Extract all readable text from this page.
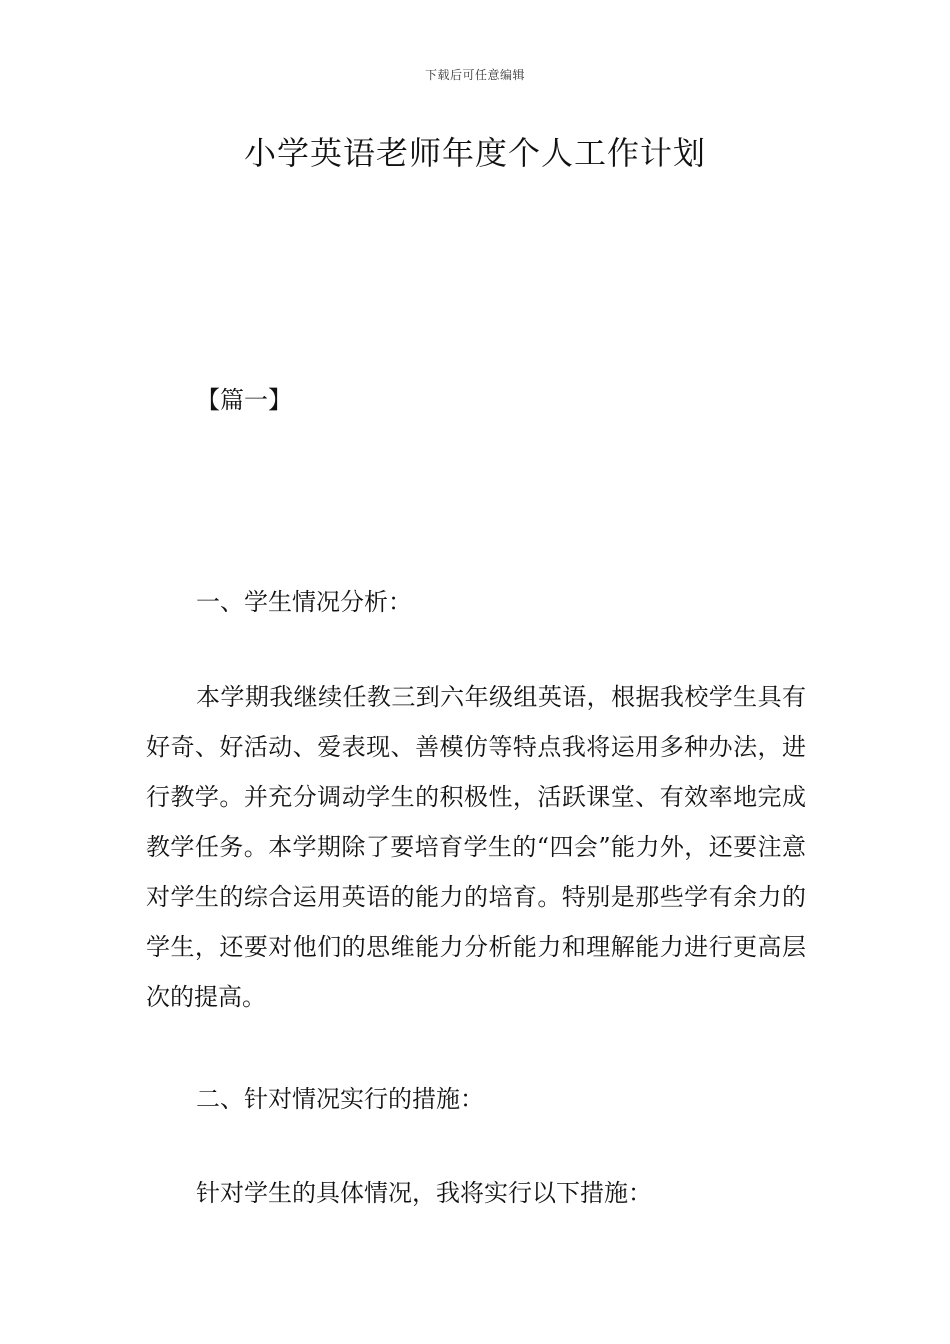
下载后可任意编辑
小学英语老师年度个人工作计划
【篇一】
一、学生情况分析：

本学期我继续任教三到六年级组英语，根据我校学生具有好奇、好活动、爱表现、善模仿等特点我将运用多种办法，进行教学。并充分调动学生的积极性，活跃课堂、有效率地完成教学任务。本学期除了要培育学生的“四会”能力外，还要注意对学生的综合运用英语的能力的培育。特别是那些学有余力的学生，还要对他们的思维能力分析能力和理解能力进行更高层次的提高。

二、针对情况实行的措施：

针对学生的具体情况，我将实行以下措施：
